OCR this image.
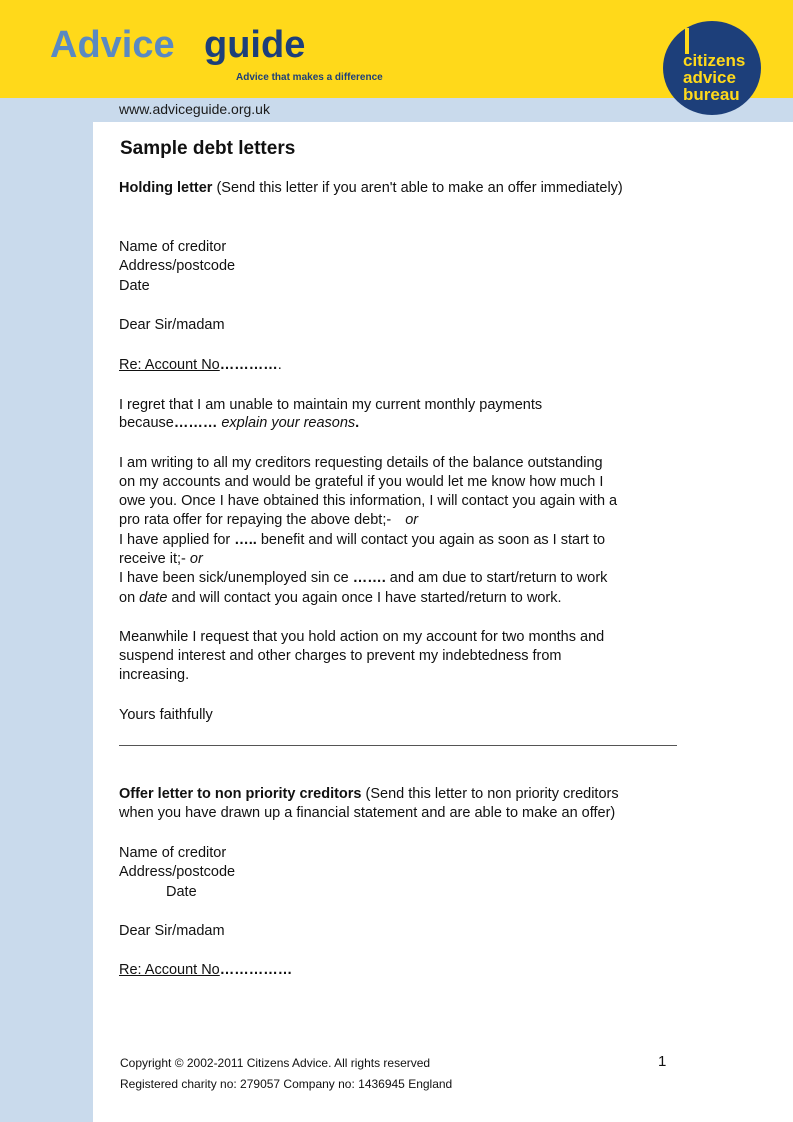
Advice guide
Advice that makes a difference
citizens
advice
bureau
www.adviceguide.org.uk
Sample debt letters
Holding letter (Send this letter if you aren't able to make an offer immediately)
Name of creditor
Address/postcode
Date
Dear Sir/madam
Re: Account No………….
I regret that I am unable to maintain my current monthly payments
because……… explain your reasons.
I am writing to all my creditors requesting details of the balance outstanding
on my accounts and would be grateful if you would let me know how much I
owe you. Once I have obtained this information, I will contact you again with a
pro rata offer for repaying the above debt;- or
I have applied for ….. benefit and will contact you again as soon as I start to
receive it;- or
I have been sick/unemployed sin ce ……. and am due to start/return to work
on date and will contact you again once I have started/return to work.
Meanwhile I request that you hold action on my account for two months and
suspend interest and other charges to prevent my indebtedness from
increasing.
Yours faithfully
Offer letter to non priority creditors (Send this letter to non priority creditors
when you have drawn up a financial statement and are able to make an offer)
Name of creditor
Address/postcode
Date
Dear Sir/madam
Re: Account No……………
Copyright © 2002-2011 Citizens Advice. All rights reserved
Registered charity no: 279057 Company no: 1436945 England
1
